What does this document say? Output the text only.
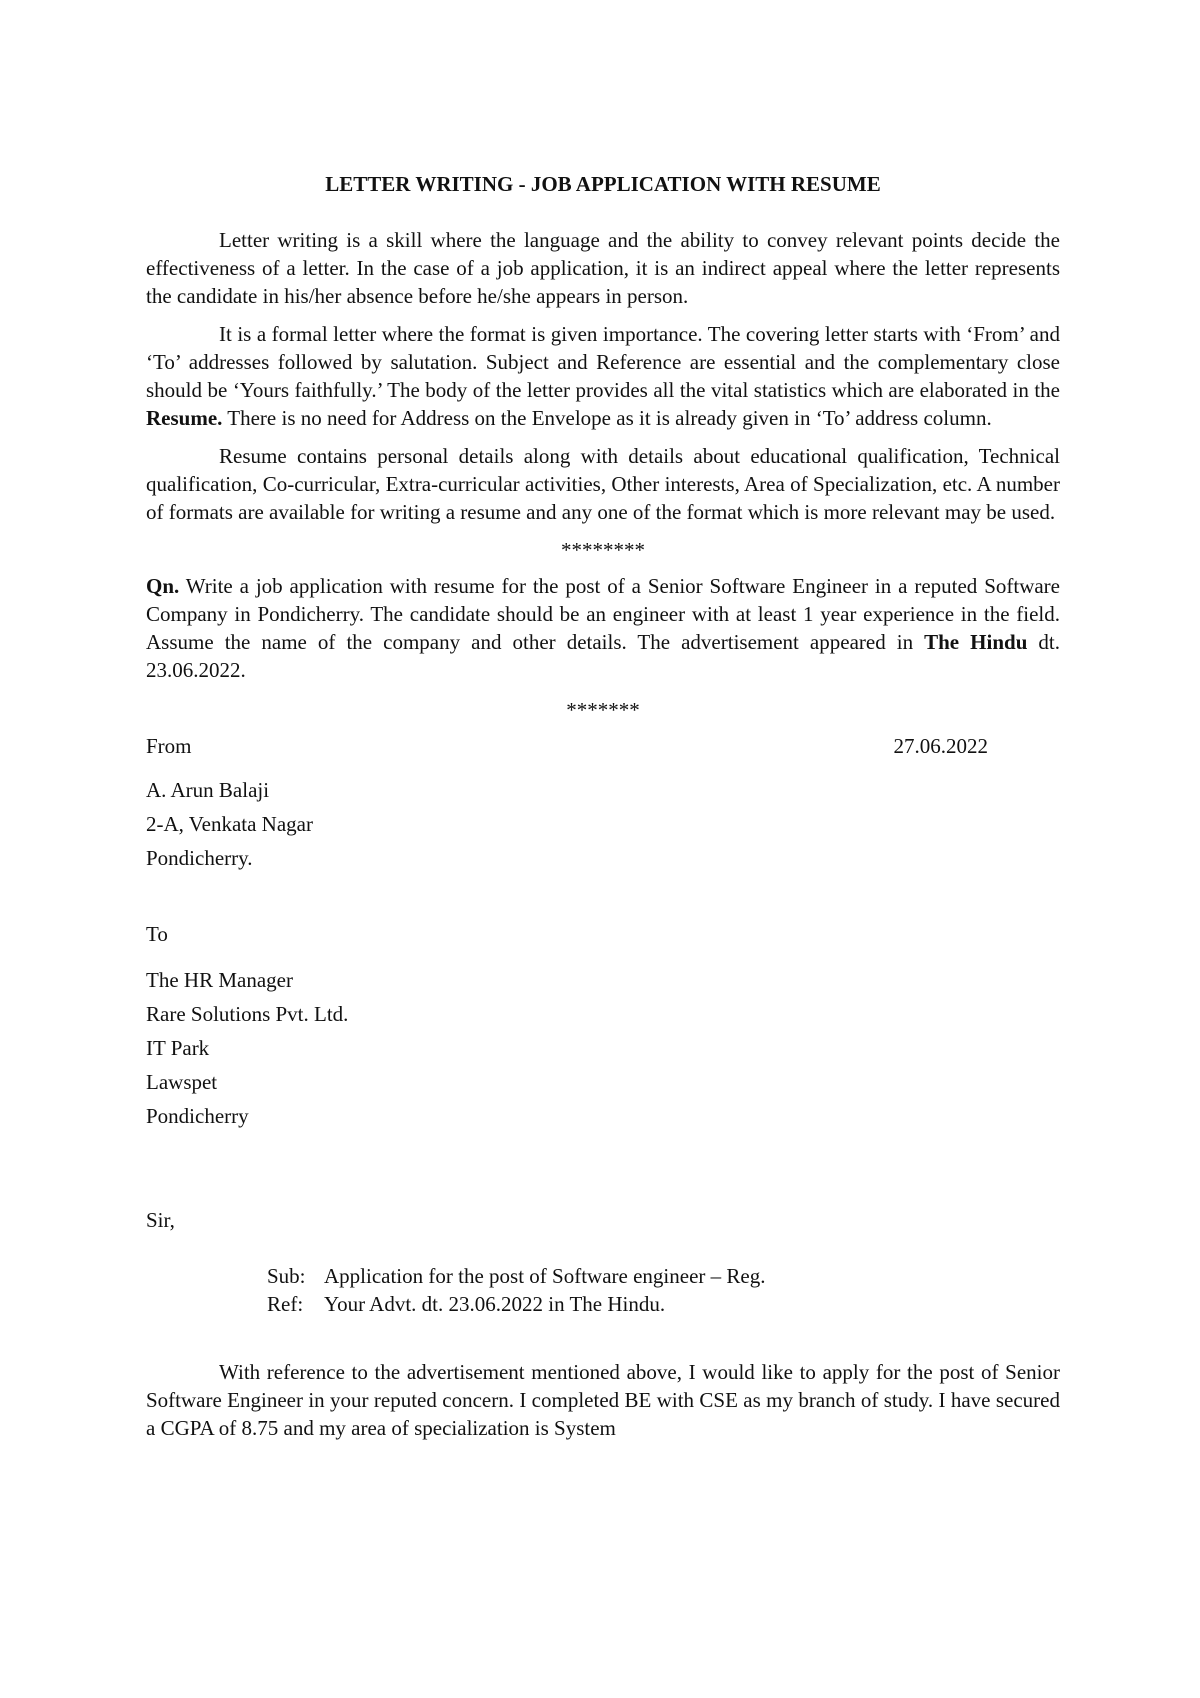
LETTER WRITING - JOB APPLICATION WITH RESUME

Letter writing is a skill where the language and the ability to convey relevant points decide the effectiveness of a letter. In the case of a job application, it is an indirect appeal where the letter represents the candidate in his/her absence before he/she appears in person.

It is a formal letter where the format is given importance. The covering letter starts with ‘From’ and ‘To’ addresses followed by salutation. Subject and Reference are essential and the complementary close should be ‘Yours faithfully.’ The body of the letter provides all the vital statistics which are elaborated in the Resume. There is no need for Address on the Envelope as it is already given in ‘To’ address column.

Resume contains personal details along with details about educational qualification, Technical qualification, Co-curricular, Extra-curricular activities, Other interests, Area of Specialization, etc. A number of formats are available for writing a resume and any one of the format which is more relevant may be used.

********

Qn. Write a job application with resume for the post of a Senior Software Engineer in a reputed Software Company in Pondicherry. The candidate should be an engineer with at least 1 year experience in the field. Assume the name of the company and other details. The advertisement appeared in The Hindu dt. 23.06.2022.

*******
From	27.06.2022
A. Arun Balaji
2-A, Venkata Nagar
Pondicherry.
To
The HR Manager
Rare Solutions Pvt. Ltd.
IT Park
Lawspet
Pondicherry
Sir,
Sub: Application for the post of Software engineer – Reg.
Ref: Your Advt. dt. 23.06.2022 in The Hindu.

With reference to the advertisement mentioned above, I would like to apply for the post of Senior Software Engineer in your reputed concern. I completed BE with CSE as my branch of study. I have secured a CGPA of 8.75 and my area of specialization is System
